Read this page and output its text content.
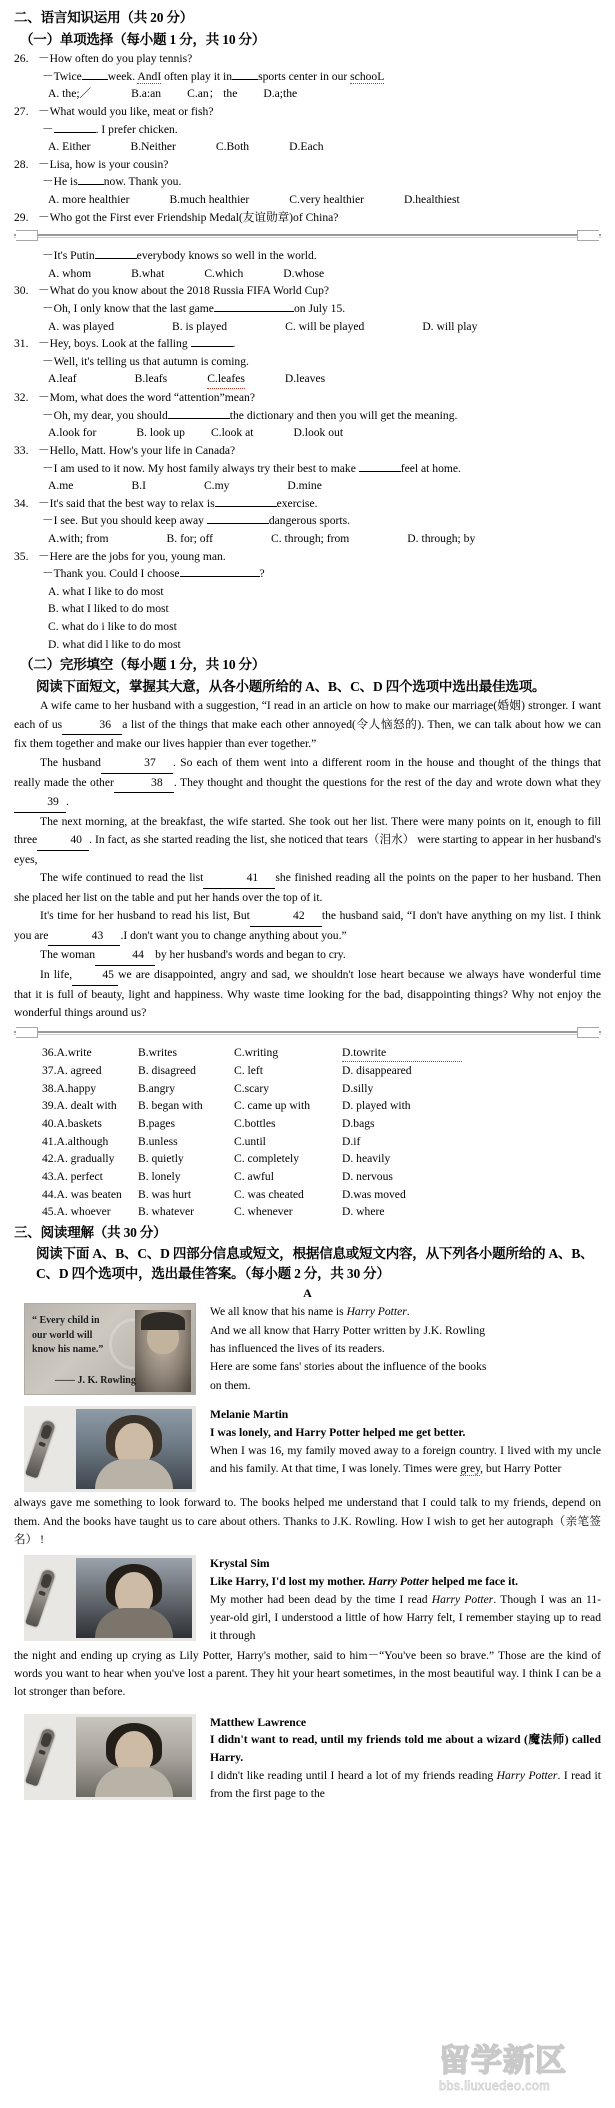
二、语言知识运用（共 20 分）
（一）单项选择（每小题 1 分，共 10 分）
26. －How often do you play tennis?
－Twice week. AndI often play it in sports center in our schooL
A. the;／	B.a:an C.an； the D.a;the
27. －What would you like, meat or fish?
－	. I prefer chicken.
A. Either	B.Neither	C.Both	D.Each
28. －Lisa, how is your cousin?
－He is now. Thank you.
A. more healthier	B.much healthier	C.very healthier	D.healthiest
29. －Who got the First ever Friendship Medal(友谊勋章)of China?
－It's Putin	everybody knows so well in the world.
A. whom	B.what	C.which	D.whose
30. －What do you know about the 2018 Russia FIFA World Cup?
－Oh, I only know that the last game	on July 15.
A. was played	B. is played	C. will be played	D. will play
31. －Hey, boys. Look at the falling	.
－Well, it's telling us that autumn is coming.
A.leaf	B.leafs	C.leafes	D.leaves
32. －Mom, what does the word “attention”mean?
－Oh, my dear, you should	the dictionary and then you will get the meaning.
A.look for	B. look up C.look at	D.look out
33. －Hello, Matt. How's your life in Canada?
－I am used to it now. My host family always try their best to make	feel at home.
A.me	B.I	C.my	D.mine
34. －It's said that the best way to relax is	exercise.
－I see. But you should keep away	dangerous sports.
A.with; from	B. for; off	C. through; from	D. through; by
35. －Here are the jobs for you, young man.
－Thank you. Could I choose	?
A. what I like to do most
B. what I liked to do most
C. what do i like to do most
D. what did l like to do most
（二）完形填空（每小题 1 分，共 10 分）
阅读下面短文，掌握其大意，从各小题所给的 A、B、C、D 四个选项中选出最佳选项。

A wife came to her husband with a suggestion, “I read in an article on how to make our marriage(婚姻) stronger. I want each of us	36 a list of the things that make each other annoyed(令人恼怒的). Then, we can talk about how we can fix them together and make our lives happier than ever together.”

The husband	37 . So each of them went into a different room in the house and thought of the things that really made the other	38 . They thought and thought the questions for the rest of the day and wrote down what they39 .

The next morning, at the breakfast, the wife started. She took out her list. There were many points on it, enough to fill three	40 . In fact, as she started reading the list, she noticed that tears（泪水） were starting to appear in her husband's eyes,

The wife continued to read the list	41 she finished reading all the points on the paper to her husband. Then she placed her list on the table and put her hands over the top of it.

It's time for her husband to read his list, But	42 the husband said, “I don't have anything on my list. I think you are	43 .I don't want you to change anything about you.”

The woman	44 by her husband's words and began to cry.

In life,	45 we are disappointed, angry and sad, we shouldn't lose heart because we always have wonderful time that it is full of beauty, light and happiness. Why waste time looking for the bad, disappointing things? Why not enjoy the wonderful things around us?

36.A.write	B.writes	C.writing	D.towrite
37.A. agreed	B. disagreed	C. left	D. disappeared
38.A.happy	B.angry	C.scary	D.silly
39.A. dealt with	B. began with	C. came up with	D. played with
40.A.baskets	B.pages	C.bottles	D.bags
41.A.although	B.unless	C.until	D.if
42.A. gradually	B. quietly	C. completely	D. heavily
43.A. perfect	B. lonely	C. awful	D. nervous
44.A. was beaten	B. was hurt	C. was cheated	D.was moved
45.A. whoever	B. whatever	C. whenever	D. where
三、阅读理解（共 30 分）
阅读下面 A、B、C、D 四部分信息或短文，根据信息或短文内容，从下列各小题所给的 A、B、C、D 四个选项中，选出最佳答案。（每小题 2 分，共 30 分）
A
“ Every child in
our world will
know his name.”
—— J. K. Rowling

We all know that his name is Harry Potter.

And we all know that Harry Potter written by J.K. Rowling

has influenced the lives of its readers.

Here are some fans' stories about the influence of the books

on them.

Melanie Martin

I was lonely, and Harry Potter helped me get better.

When I was 16, my family moved away to a foreign country. I lived with my uncle and his family. At that time, I was lonely. Times were grey, but Harry Potter

always gave me something to look forward to. The books helped me understand that I could talk to my friends, depend on them. And the books have taught us to care about others. Thanks to J.K. Rowling. How I wish to get her autograph（亲笔签名） !

Krystal Sim

Like Harry, I'd lost my mother. Harry Potter helped me face it.

My mother had been dead by the time I read Harry Potter. Though I was an 11-year-old girl, I understood a little of how Harry felt, I remember staying up to read it through

the night and ending up crying as Lily Potter, Harry's mother, said to him－“You've been so brave.” Those are the kind of words you want to hear when you've lost a parent. They hit your heart sometimes, in the most beautiful way. I think I can be a lot stronger than before.

Matthew Lawrence

I didn't want to read, until my friends told me about a wizard (魔法师) called Harry.

I didn't like reading until I heard a lot of my friends reading Harry Potter. I read it from the first page to the

留学新区
bbs.liuxuedeo.com
